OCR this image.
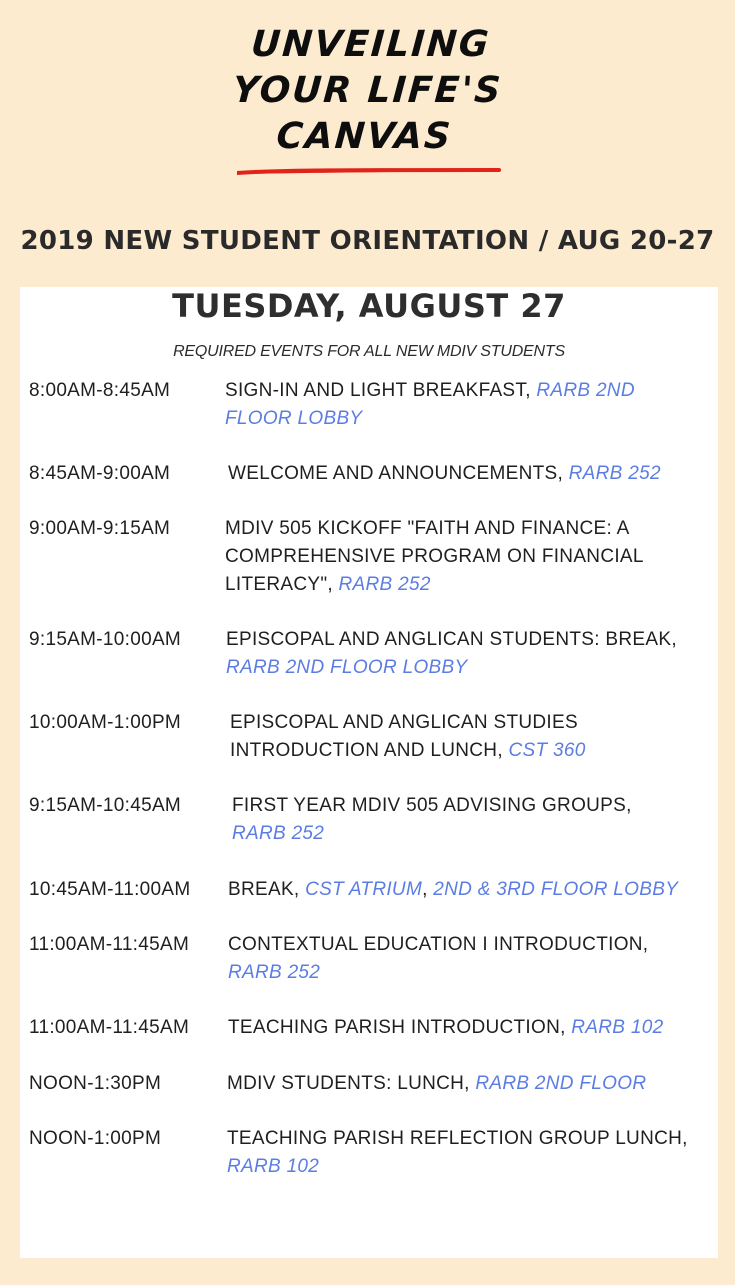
UNVEILING
YOUR LIFE'S
CANVAS
2019 NEW STUDENT ORIENTATION / AUG 20-27
TUESDAY, AUGUST 27
REQUIRED EVENTS FOR ALL NEW MDIV STUDENTS
8:00AM-8:45AM	SIGN-IN AND LIGHT BREAKFAST, RARB 2ND FLOOR LOBBY
8:45AM-9:00AM	WELCOME AND ANNOUNCEMENTS, RARB 252
9:00AM-9:15AM	MDIV 505 KICKOFF "FAITH AND FINANCE: A COMPREHENSIVE PROGRAM ON FINANCIAL LITERACY", RARB 252
9:15AM-10:00AM EPISCOPAL AND ANGLICAN STUDENTS: BREAK, RARB 2ND FLOOR LOBBY
10:00AM-1:00PM	EPISCOPAL AND ANGLICAN STUDIES INTRODUCTION AND LUNCH, CST 360
9:15AM-10:45AM	FIRST YEAR MDIV 505 ADVISING GROUPS, RARB 252
10:45AM-11:00AM BREAK, CST ATRIUM, 2ND & 3RD FLOOR LOBBY
11:00AM-11:45AM CONTEXTUAL EDUCATION I INTRODUCTION, RARB 252
11:00AM-11:45AM TEACHING PARISH INTRODUCTION, RARB 102
NOON-1:30PM	MDIV STUDENTS: LUNCH, RARB 2ND FLOOR
NOON-1:00PM	TEACHING PARISH REFLECTION GROUP LUNCH, RARB 102
